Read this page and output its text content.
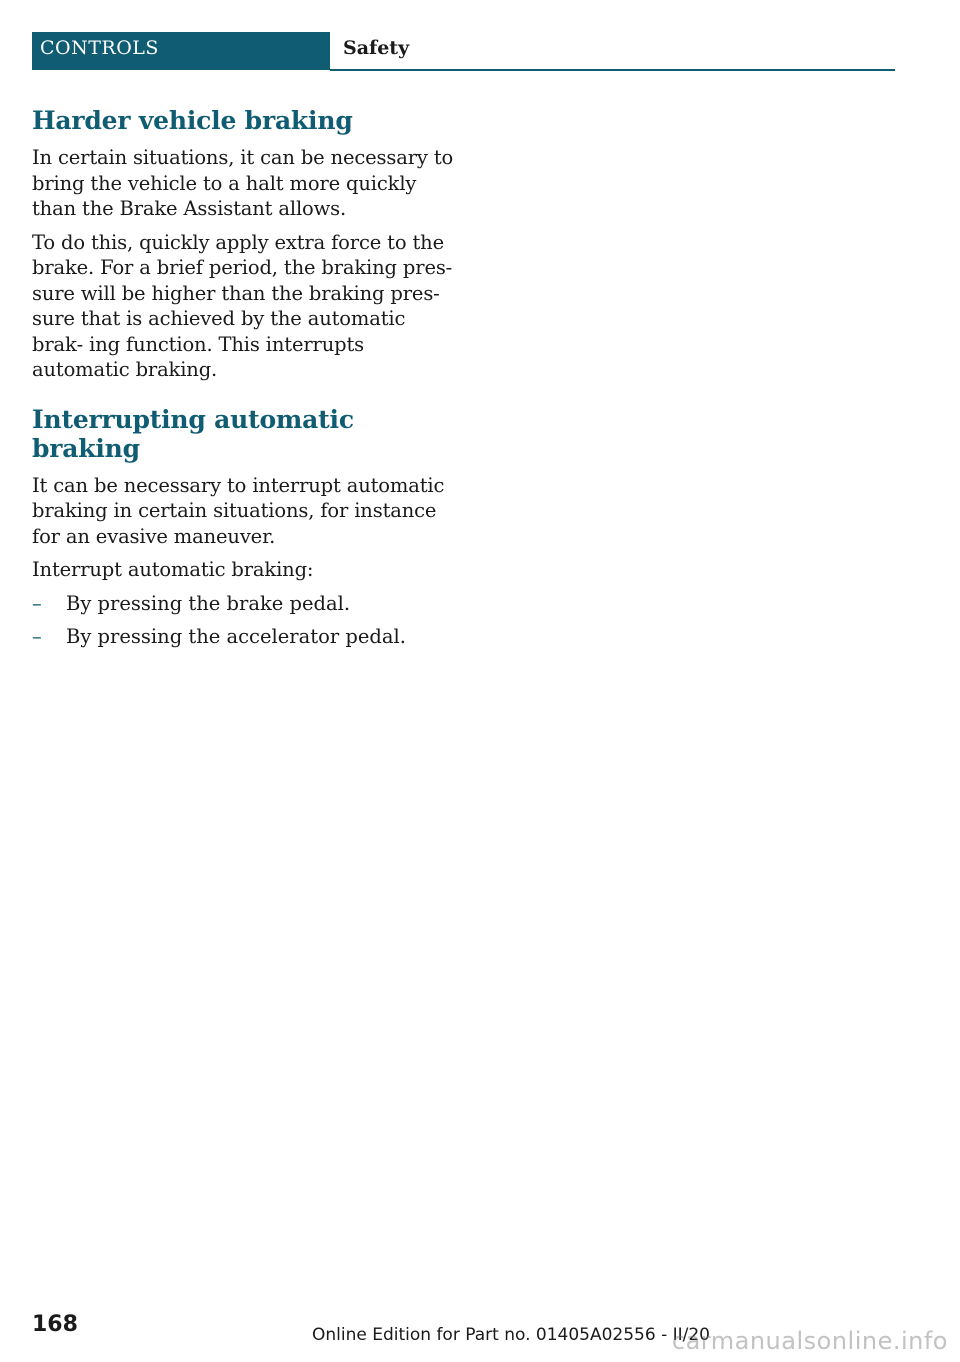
CONTROLS	Safety
Harder vehicle braking

In certain situations, it can be necessary to bring the vehicle to a halt more quickly than the Brake Assistant allows.

To do this, quickly apply extra force to the brake. For a brief period, the braking pres‐ sure will be higher than the braking pres‐ sure that is achieved by the automatic brak‐ ing function. This interrupts automatic braking.

Interrupting automatic braking

It can be necessary to interrupt automatic braking in certain situations, for instance for an evasive maneuver.

Interrupt automatic braking:

– By pressing the brake pedal.
– By pressing the accelerator pedal.
168	Online Edition for Part no. 01405A02556 - II/20
carmanualsonline.info
